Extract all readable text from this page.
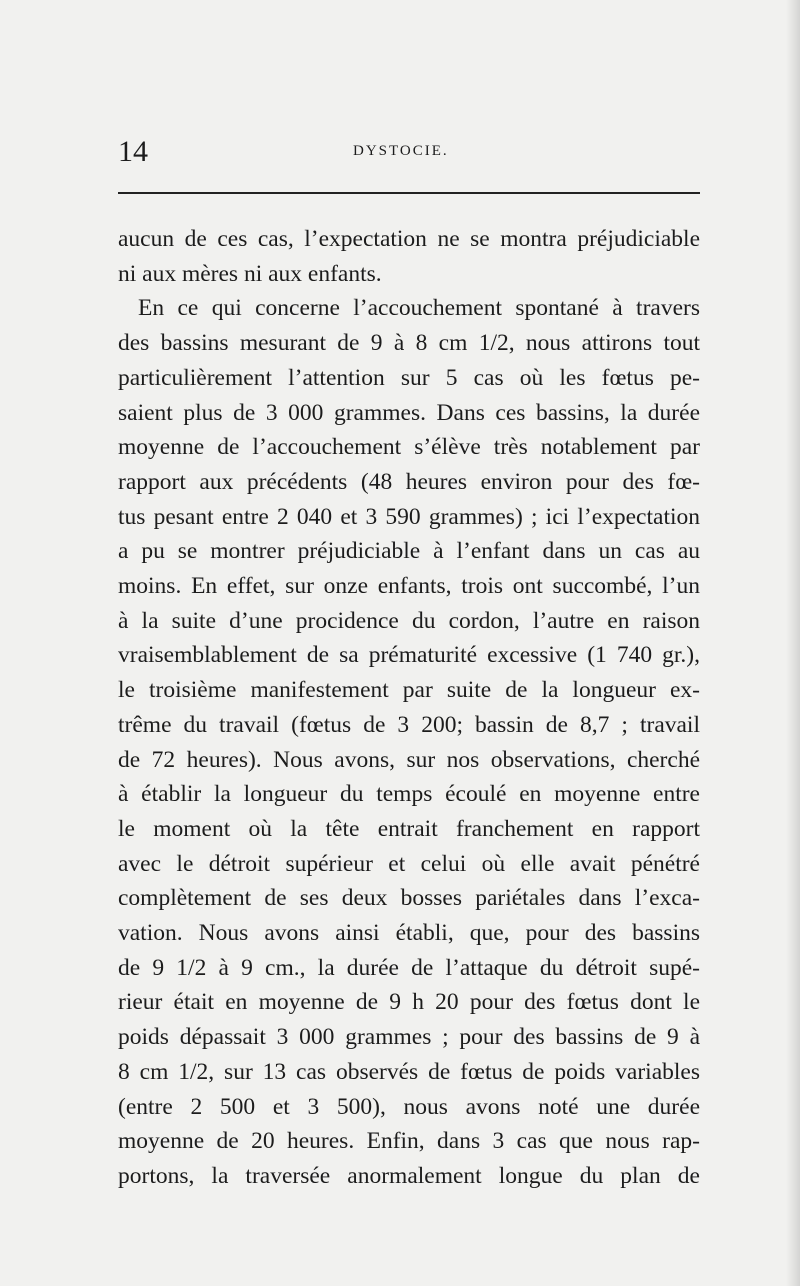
14	DYSTOCIE.
aucun de ces cas, l’expectation ne se montra préjudiciable
ni aux mères ni aux enfants.
En ce qui concerne l’accouchement spontané à travers
des bassins mesurant de 9 à 8 cm 1/2, nous attirons tout
particulièrement l’attention sur 5 cas où les fœtus pe-
saient plus de 3 000 grammes. Dans ces bassins, la durée
moyenne de l’accouchement s’élève très notablement par
rapport aux précédents (48 heures environ pour des fœ-
tus pesant entre 2 040 et 3 590 grammes) ; ici l’expectation
a pu se montrer préjudiciable à l’enfant dans un cas au
moins. En effet, sur onze enfants, trois ont succombé, l’un
à la suite d’une procidence du cordon, l’autre en raison
vraisemblablement de sa prématurité excessive (1 740 gr.),
le troisième manifestement par suite de la longueur ex-
trême du travail (fœtus de 3 200; bassin de 8,7 ; travail
de 72 heures). Nous avons, sur nos observations, cherché
à établir la longueur du temps écoulé en moyenne entre
le moment où la tête entrait franchement en rapport
avec le détroit supérieur et celui où elle avait pénétré
complètement de ses deux bosses pariétales dans l’exca-
vation. Nous avons ainsi établi, que, pour des bassins
de 9 1/2 à 9 cm., la durée de l’attaque du détroit supé-
rieur était en moyenne de 9 h 20 pour des fœtus dont le
poids dépassait 3 000 grammes ; pour des bassins de 9 à
8 cm 1/2, sur 13 cas observés de fœtus de poids variables
(entre 2 500 et 3 500), nous avons noté une durée
moyenne de 20 heures. Enfin, dans 3 cas que nous rap-
portons, la traversée anormalement longue du plan de
